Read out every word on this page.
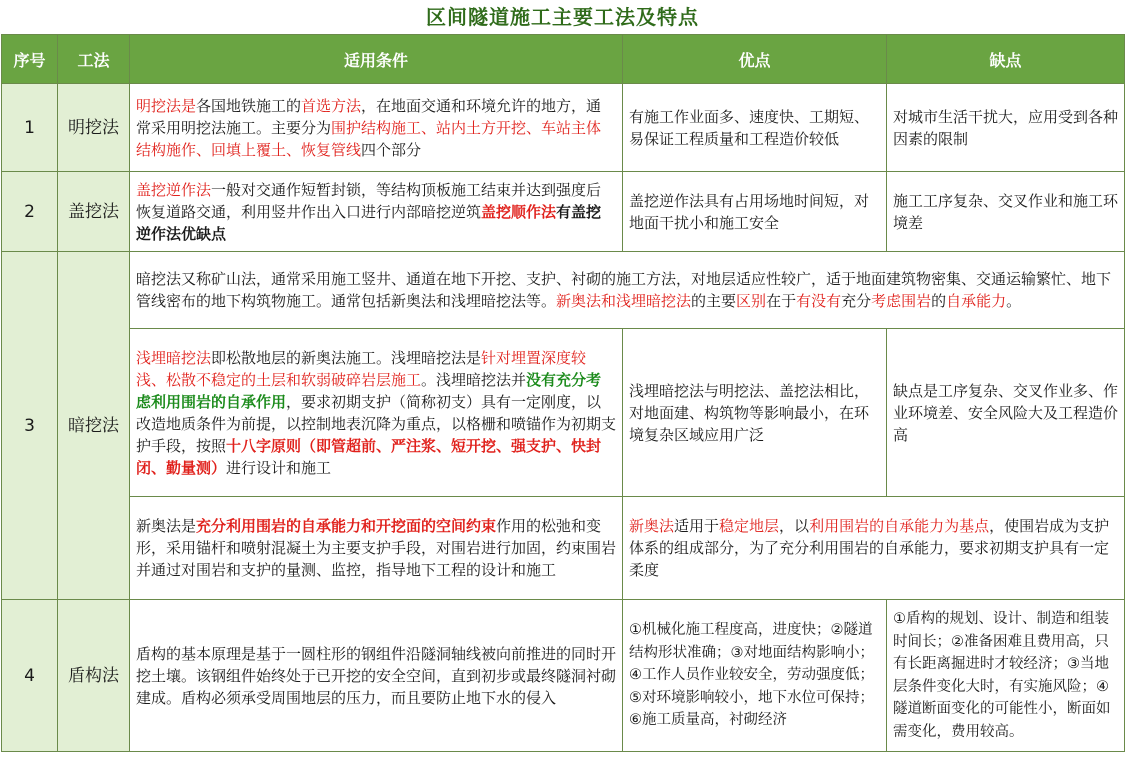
区间隧道施工主要工法及特点
序号	工法	适用条件	优点	缺点
1	明挖法	明挖法是各国地铁施工的首选方法，在地面交通和环境允许的地方，通常采用明挖法施工。主要分为围护结构施工、站内土方开挖、车站主体结构施作、回填上覆土、恢复管线四个部分	有施工作业面多、速度快、工期短、易保证工程质量和工程造价较低	对城市生活干扰大，应用受到各种因素的限制
2	盖挖法	盖挖逆作法一般对交通作短暂封锁，等结构顶板施工结束并达到强度后恢复道路交通，利用竖井作出入口进行内部暗挖逆筑盖挖顺作法有盖挖逆作法优缺点	盖挖逆作法具有占用场地时间短，对地面干扰小和施工安全	施工工序复杂、交叉作业和施工环境差
3	暗挖法	暗挖法又称矿山法，通常采用施工竖井、通道在地下开挖、支护、衬砌的施工方法，对地层适应性较广，适于地面建筑物密集、交通运输繁忙、地下管线密布的地下构筑物施工。通常包括新奥法和浅埋暗挖法等。新奥法和浅埋暗挖法的主要区别在于有没有充分考虑围岩的自承能力。		
		浅埋暗挖法即松散地层的新奥法施工。浅埋暗挖法是针对埋置深度较浅、松散不稳定的土层和软弱破碎岩层施工。浅埋暗挖法并没有充分考虑利用围岩的自承作用，要求初期支护（简称初支）具有一定刚度，以改造地质条件为前提，以控制地表沉降为重点，以格栅和喷锚作为初期支护手段，按照十八字原则（即管超前、严注浆、短开挖、强支护、快封闭、勤量测）进行设计和施工	浅埋暗挖法与明挖法、盖挖法相比，对地面建、构筑物等影响最小，在环境复杂区域应用广泛	缺点是工序复杂、交叉作业多、作业环境差、安全风险大及工程造价高
		新奥法是充分利用围岩的自承能力和开挖面的空间约束作用的松弛和变形，采用锚杆和喷射混凝土为主要支护手段，对围岩进行加固，约束围岩并通过对围岩和支护的量测、监控，指导地下工程的设计和施工	新奥法适用于稳定地层，以利用围岩的自承能力为基点，使围岩成为支护体系的组成部分，为了充分利用围岩的自承能力，要求初期支护具有一定柔度	
4	盾构法	盾构的基本原理是基于一圆柱形的钢组件沿隧洞轴线被向前推进的同时开挖土壤。该钢组件始终处于已开挖的安全空间，直到初步或最终隧洞衬砌建成。盾构必须承受周围地层的压力，而且要防止地下水的侵入	①机械化施工程度高，进度快；②隧道结构形状准确；③对地面结构影响小；④工作人员作业较安全，劳动强度低；⑤对环境影响较小，地下水位可保持；⑥施工质量高，衬砌经济	①盾构的规划、设计、制造和组装时间长；②准备困难且费用高，只有长距离掘进时才较经济；③当地层条件变化大时，有实施风险；④隧道断面变化的可能性小，断面如需变化，费用较高。
